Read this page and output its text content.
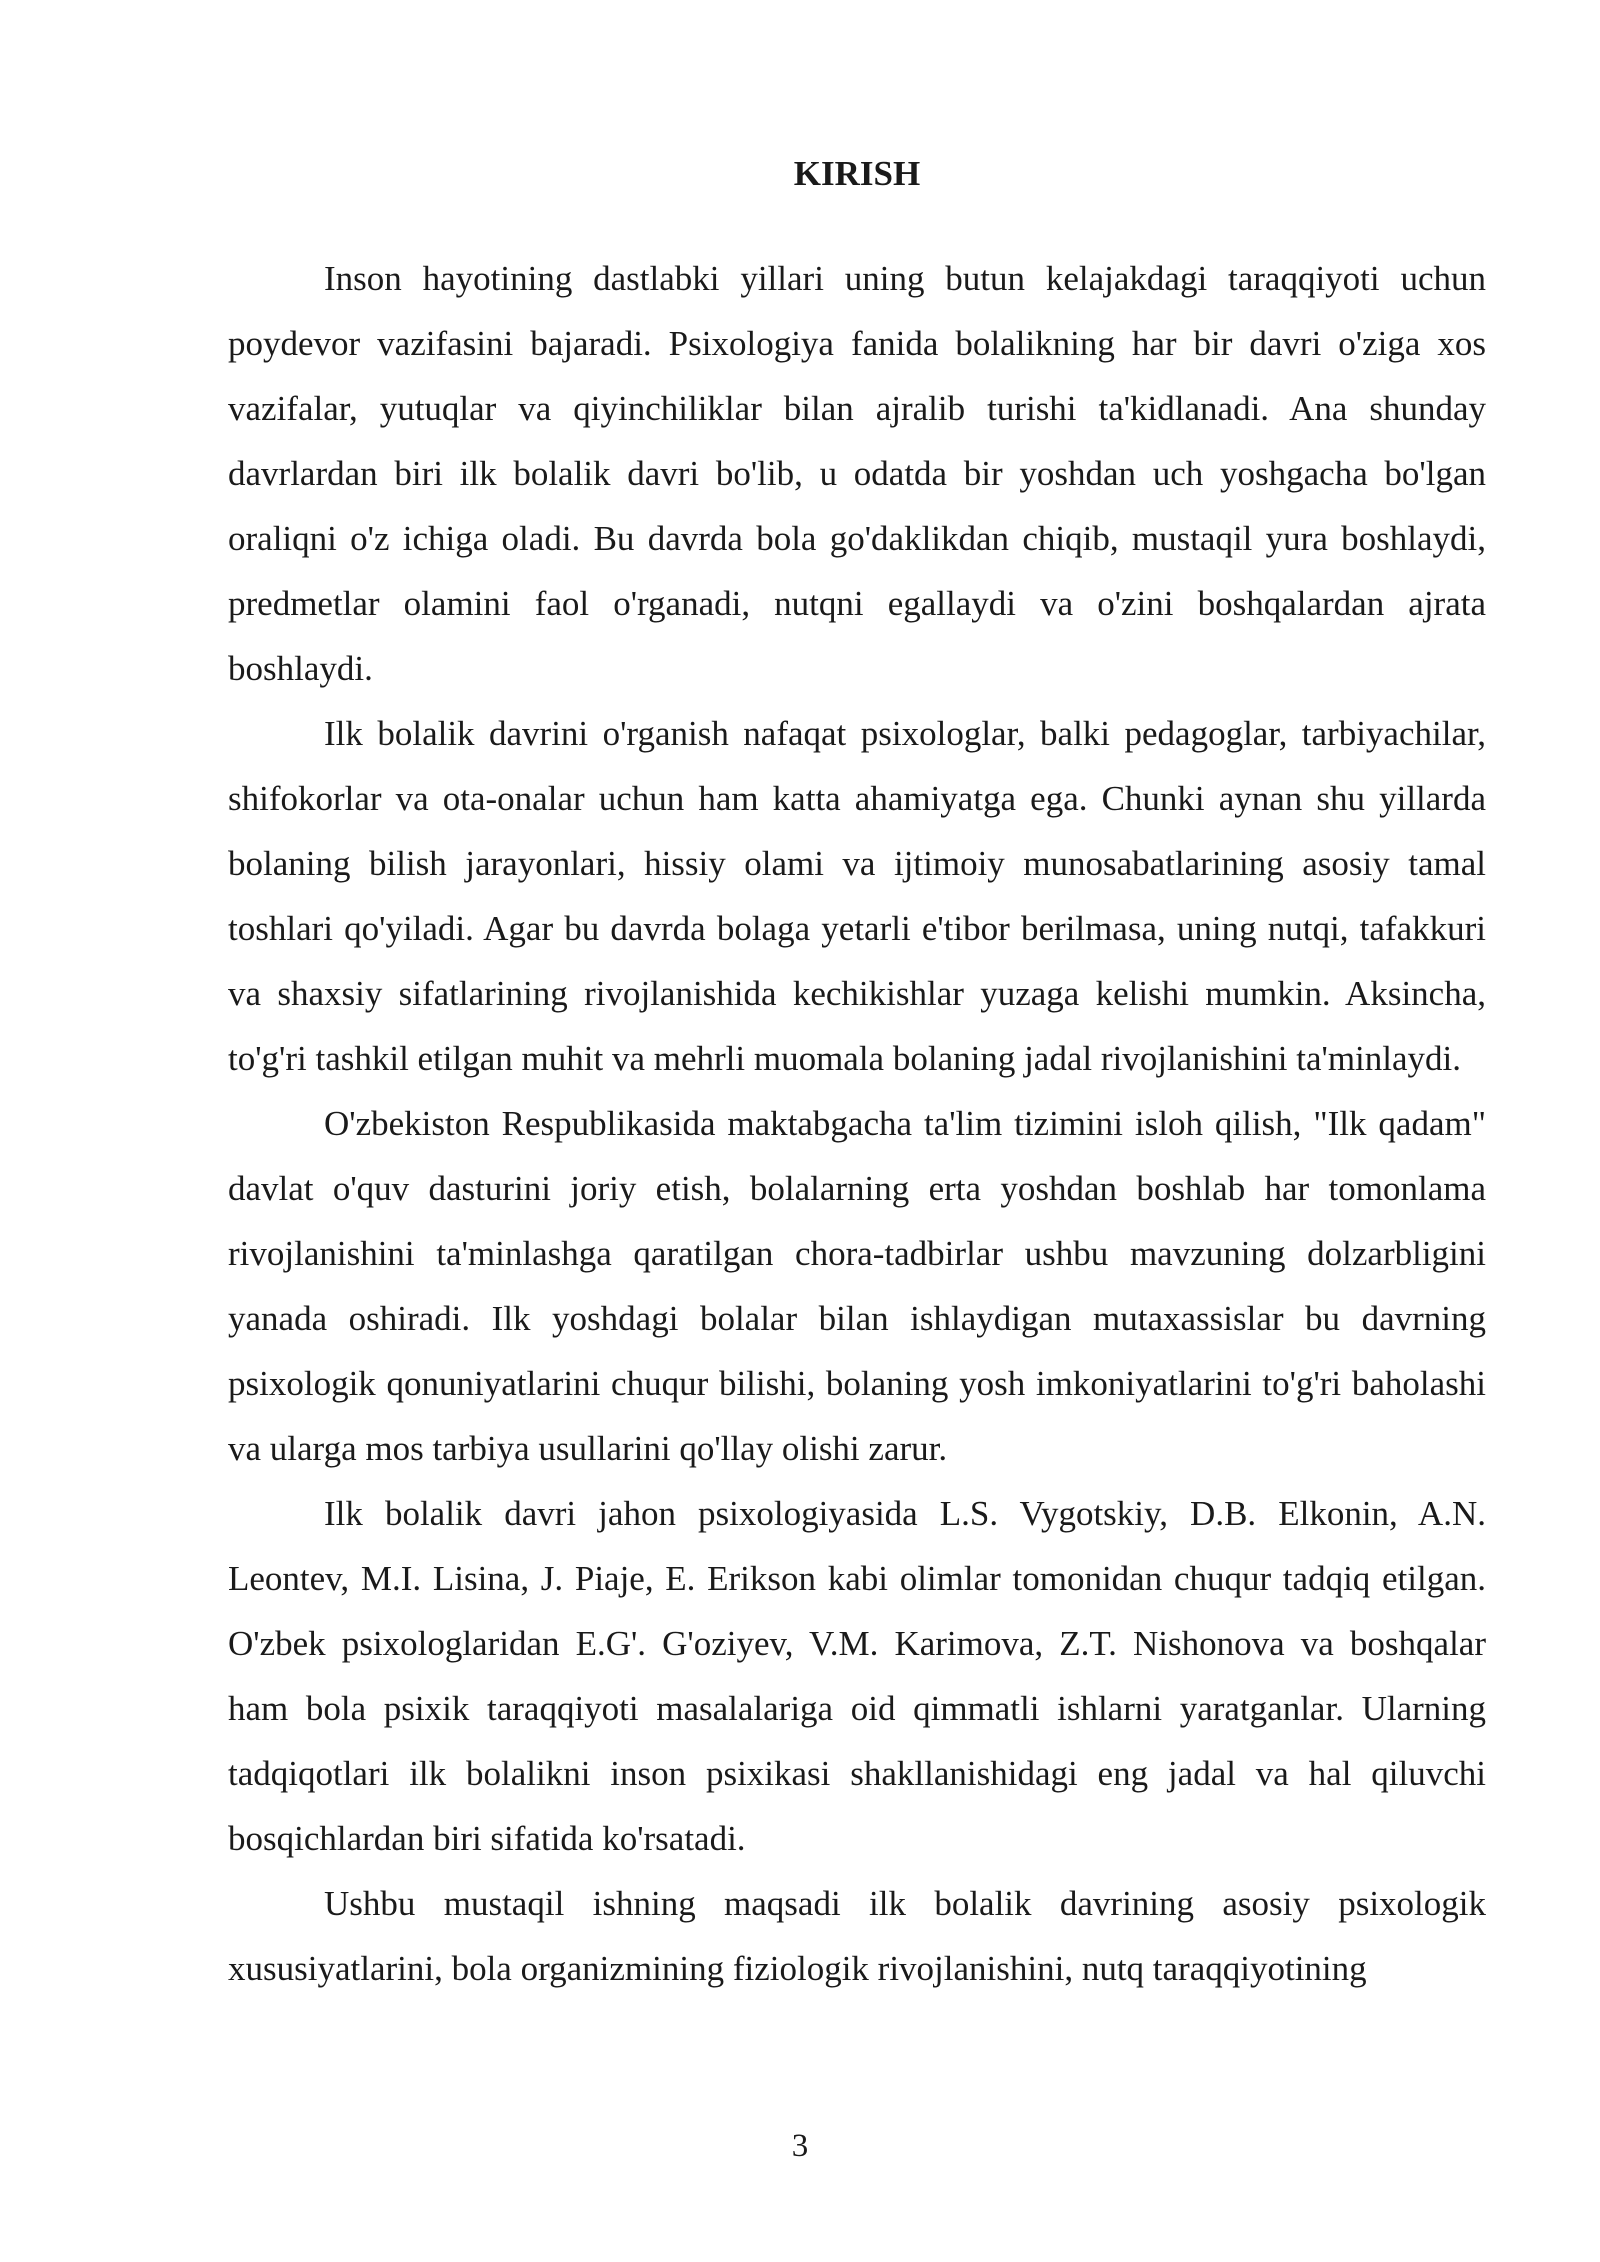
KIRISH

Inson hayotining dastlabki yillari uning butun kelajakdagi taraqqiyoti uchun poydevor vazifasini bajaradi. Psixologiya fanida bolalikning har bir davri o'ziga xos vazifalar, yutuqlar va qiyinchiliklar bilan ajralib turishi ta'kidlanadi. Ana shunday davrlardan biri ilk bolalik davri bo'lib, u odatda bir yoshdan uch yoshgacha bo'lgan oraliqni o'z ichiga oladi. Bu davrda bola go'daklikdan chiqib, mustaqil yura boshlaydi, predmetlar olamini faol o'rganadi, nutqni egallaydi va o'zini boshqalardan ajrata boshlaydi.

Ilk bolalik davrini o'rganish nafaqat psixologlar, balki pedagoglar, tarbiyachilar, shifokorlar va ota-onalar uchun ham katta ahamiyatga ega. Chunki aynan shu yillarda bolaning bilish jarayonlari, hissiy olami va ijtimoiy munosabatlarining asosiy tamal toshlari qo'yiladi. Agar bu davrda bolaga yetarli e'tibor berilmasa, uning nutqi, tafakkuri va shaxsiy sifatlarining rivojlanishida kechikishlar yuzaga kelishi mumkin. Aksincha, to'g'ri tashkil etilgan muhit va mehrli muomala bolaning jadal rivojlanishini ta'minlaydi.

O'zbekiston Respublikasida maktabgacha ta'lim tizimini isloh qilish, "Ilk qadam" davlat o'quv dasturini joriy etish, bolalarning erta yoshdan boshlab har tomonlama rivojlanishini ta'minlashga qaratilgan chora-tadbirlar ushbu mavzuning dolzarbligini yanada oshiradi. Ilk yoshdagi bolalar bilan ishlaydigan mutaxassislar bu davrning psixologik qonuniyatlarini chuqur bilishi, bolaning yosh imkoniyatlarini to'g'ri baholashi va ularga mos tarbiya usullarini qo'llay olishi zarur.

Ilk bolalik davri jahon psixologiyasida L.S. Vygotskiy, D.B. Elkonin, A.N. Leontev, M.I. Lisina, J. Piaje, E. Erikson kabi olimlar tomonidan chuqur tadqiq etilgan. O'zbek psixologlaridan E.G'. G'oziyev, V.M. Karimova, Z.T. Nishonova va boshqalar ham bola psixik taraqqiyoti masalalariga oid qimmatli ishlarni yaratganlar. Ularning tadqiqotlari ilk bolalikni inson psixikasi shakllanishidagi eng jadal va hal qiluvchi bosqichlardan biri sifatida ko'rsatadi.

Ushbu mustaqil ishning maqsadi ilk bolalik davrining asosiy psixologik xususiyatlarini, bola organizmining fiziologik rivojlanishini, nutq taraqqiyotining

3
